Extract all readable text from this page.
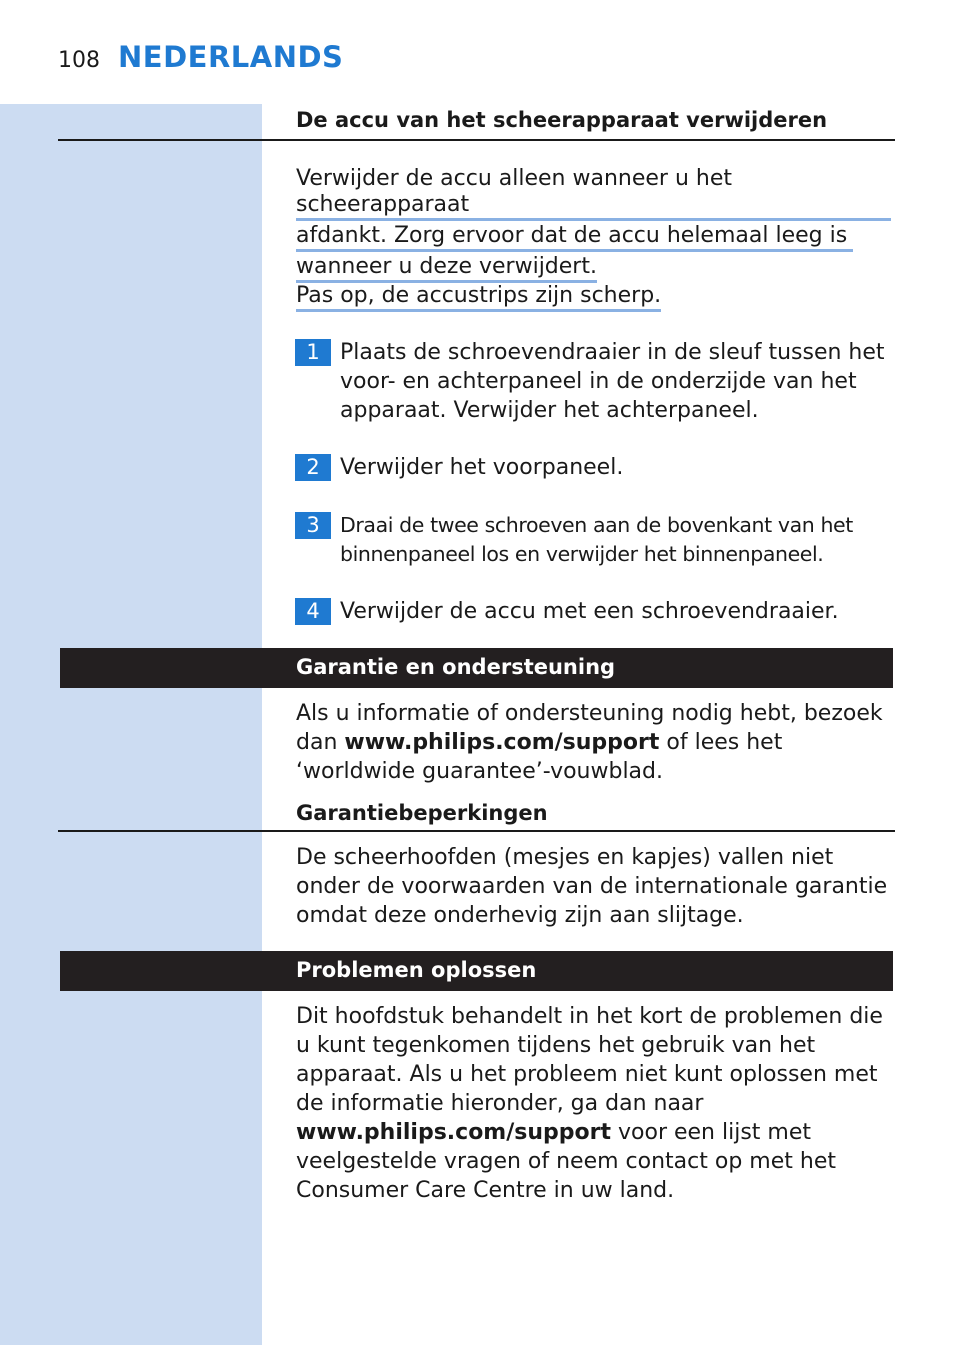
108 NEDERLANDS
De accu van het scheerapparaat verwijderen
Verwijder de accu alleen wanneer u het scheerapparaat
afdankt. Zorg ervoor dat de accu helemaal leeg is
wanneer u deze verwijdert.
Pas op, de accustrips zijn scherp.
1 Plaats de schroevendraaier in de sleuf tussen het voor- en achterpaneel in de onderzijde van het apparaat. Verwijder het achterpaneel.
2 Verwijder het voorpaneel.
3 Draai de twee schroeven aan de bovenkant van het binnenpaneel los en verwijder het binnenpaneel.
4 Verwijder de accu met een schroevendraaier.
Garantie en ondersteuning
Als u informatie of ondersteuning nodig hebt, bezoek dan www.philips.com/support of lees het ‘worldwide guarantee’-vouwblad.
Garantiebeperkingen
De scheerhoofden (mesjes en kapjes) vallen niet onder de voorwaarden van de internationale garantie omdat deze onderhevig zijn aan slijtage.
Problemen oplossen
Dit hoofdstuk behandelt in het kort de problemen die u kunt tegenkomen tijdens het gebruik van het apparaat. Als u het probleem niet kunt oplossen met de informatie hieronder, ga dan naar www.philips.com/support voor een lijst met veelgestelde vragen of neem contact op met het Consumer Care Centre in uw land.
